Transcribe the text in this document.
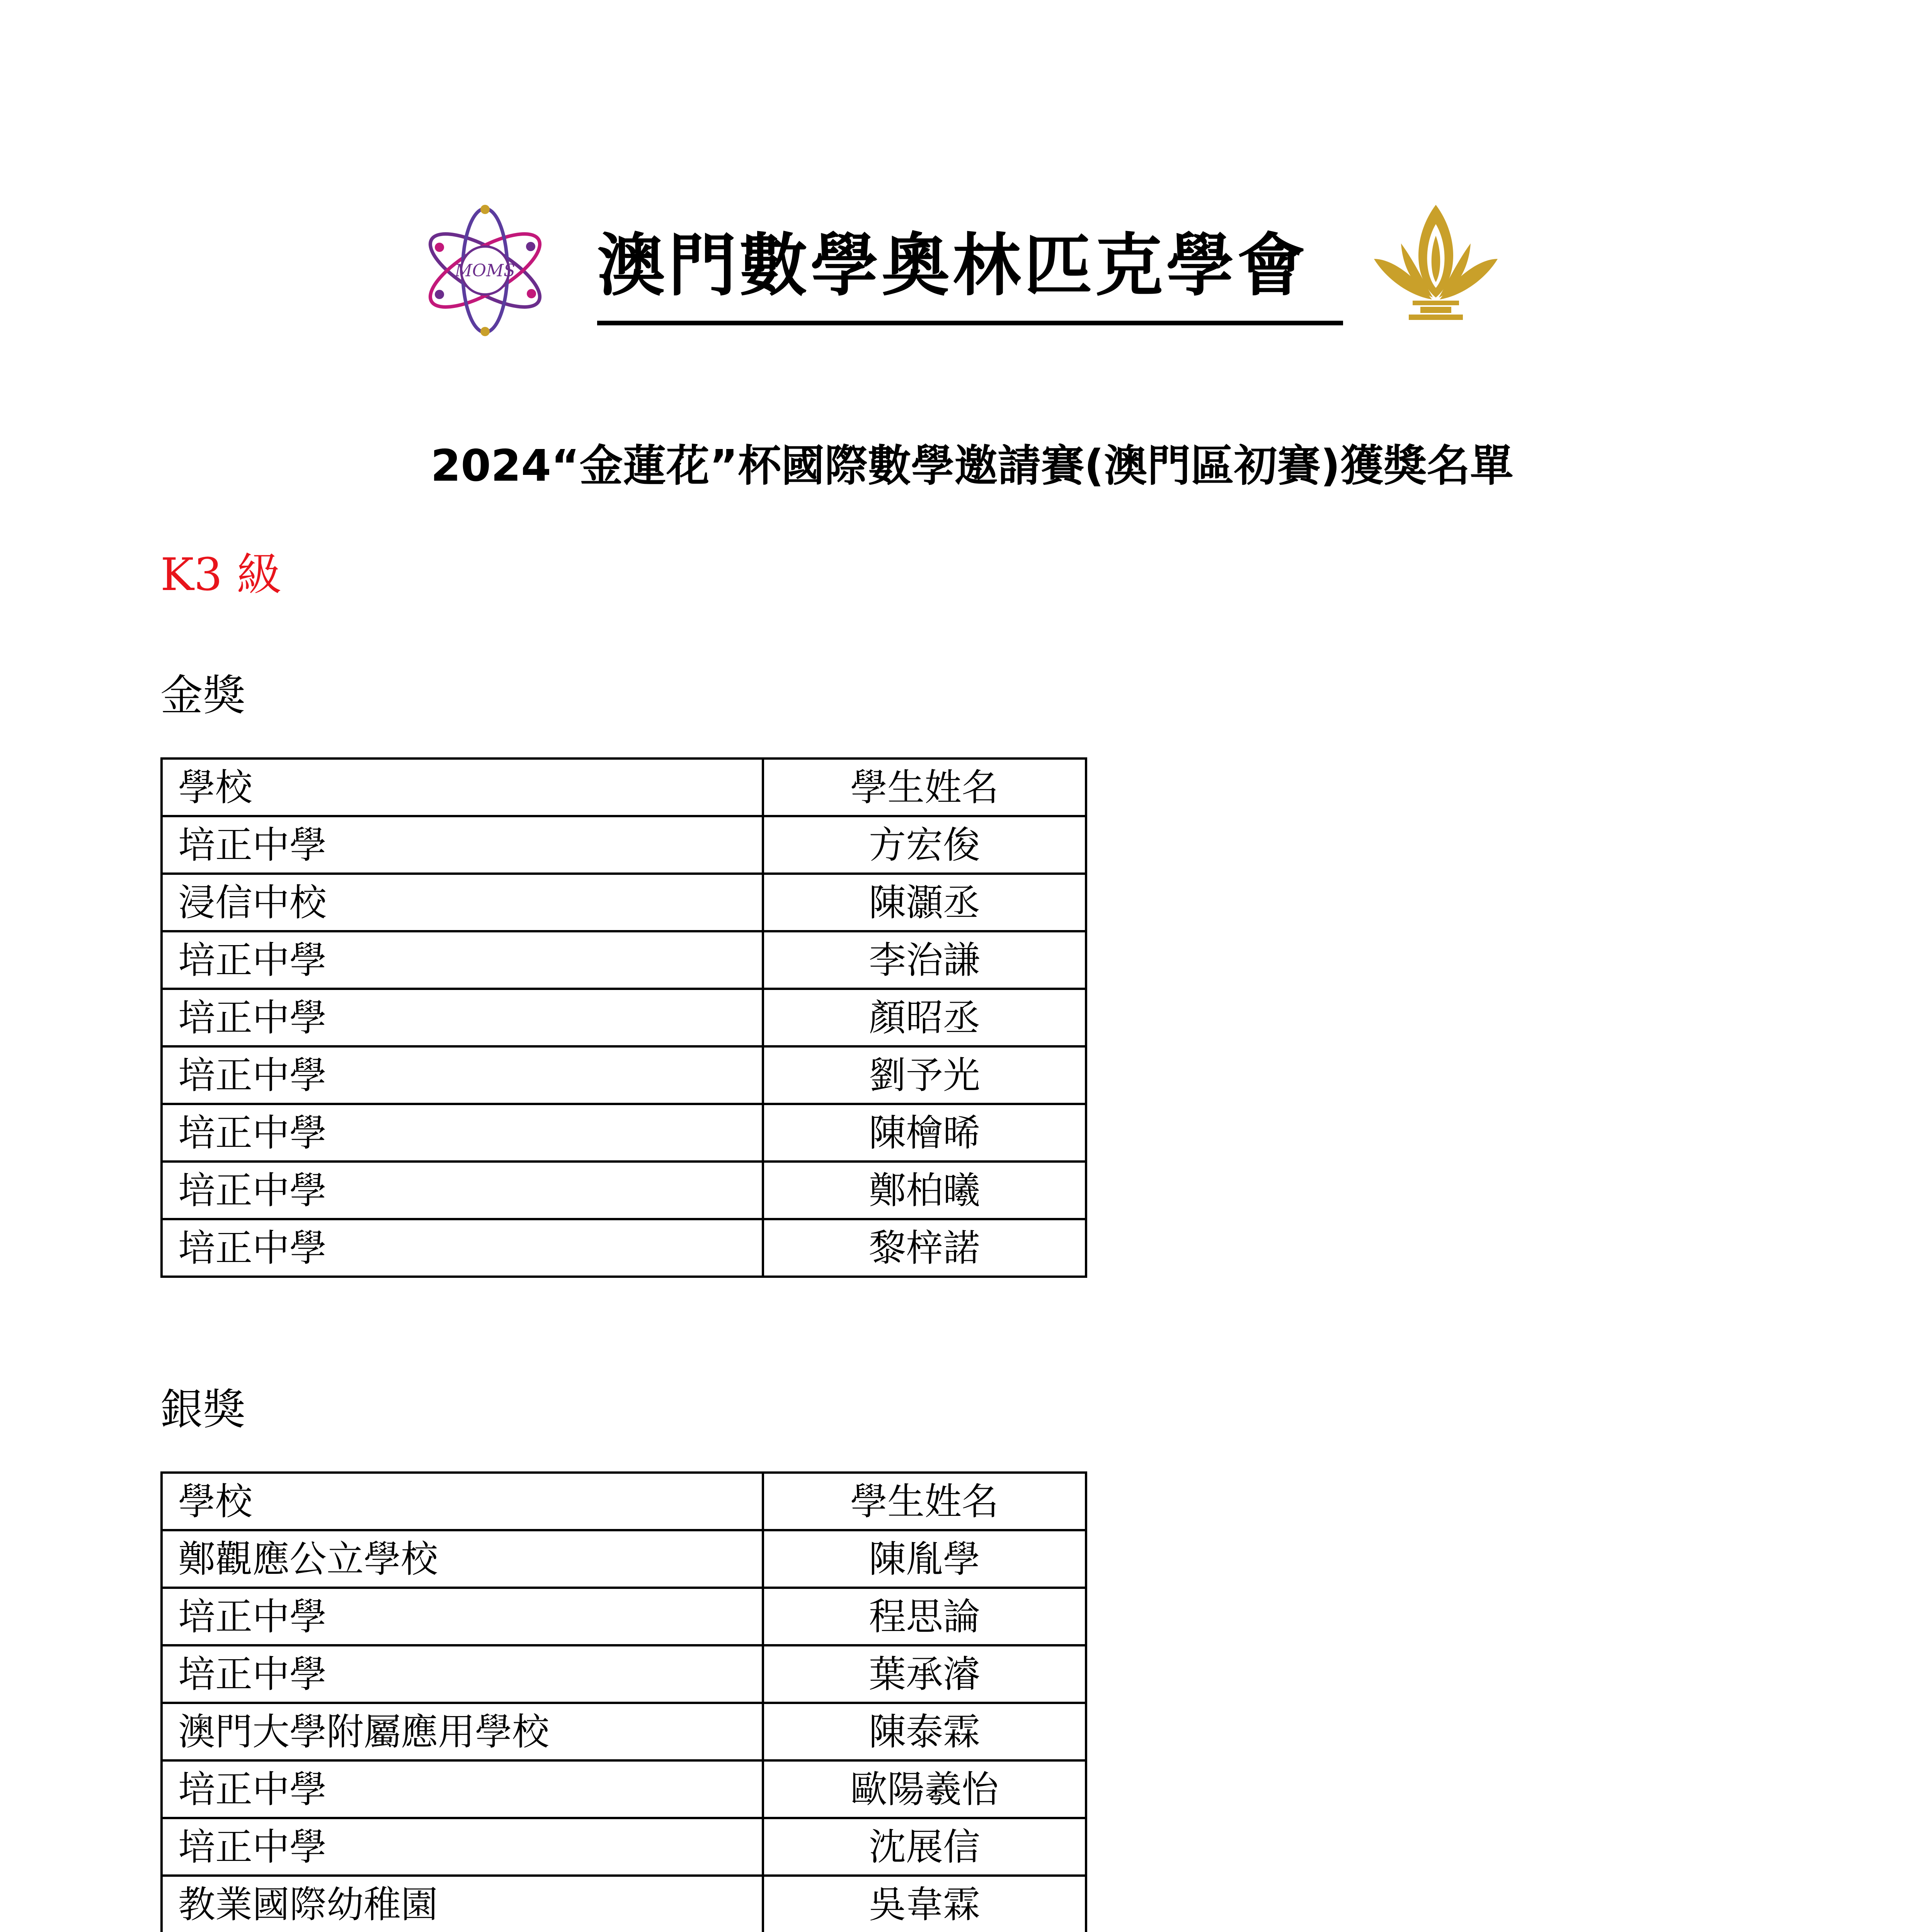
MOMS 澳門數學奧林匹克學會
2024“金蓮花”杯國際數學邀請賽(澳門區初賽)獲獎名單
K3 級
金獎
學校	學生姓名
培正中學	方宏俊
浸信中校	陳灝丞
培正中學	李治謙
培正中學	顏昭丞
培正中學	劉予光
培正中學	陳檜晞
培正中學	鄭柏曦
培正中學	黎梓諾
銀獎
學校	學生姓名
鄭觀應公立學校	陳胤學
培正中學	程思論
培正中學	葉承濬
澳門大學附屬應用學校	陳泰霖
培正中學	歐陽羲怡
培正中學	沈展信
教業國際幼稚園	吳韋霖
